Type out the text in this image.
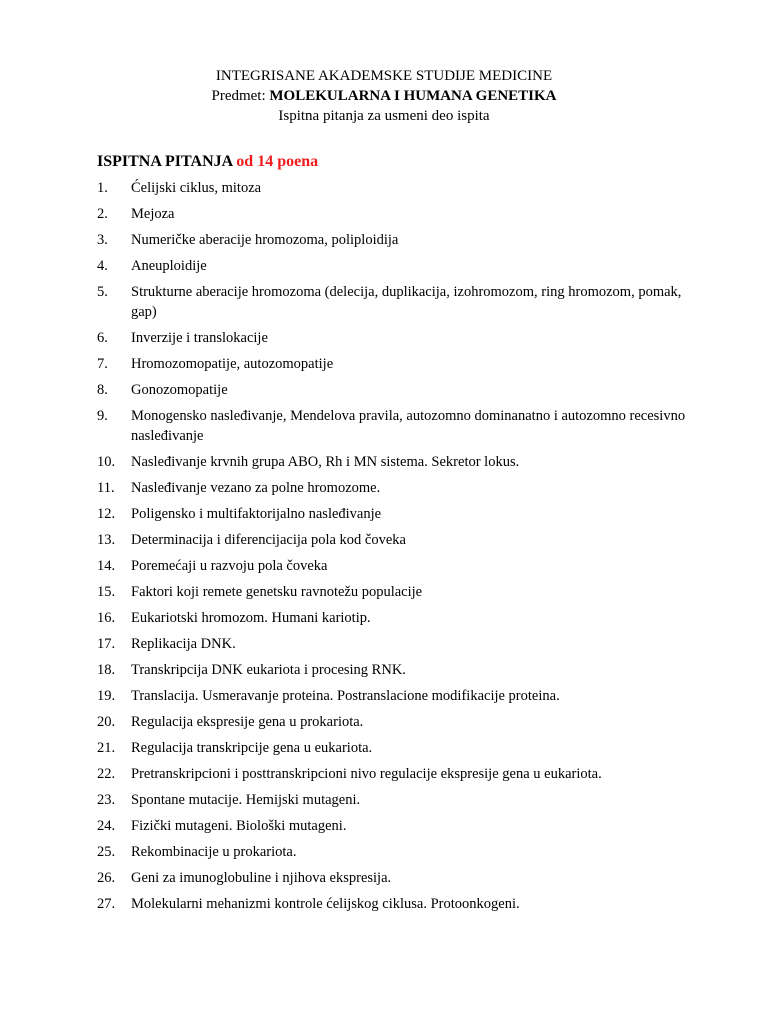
INTEGRISANE AKADEMSKE STUDIJE MEDICINE
Predmet: MOLEKULARNA I HUMANA GENETIKA
Ispitna pitanja za usmeni deo ispita
ISPITNA PITANJA od 14 poena
1.	Ćelijski ciklus, mitoza
2.	Mejoza
3.	Numeričke aberacije hromozoma, poliploidija
4.	Aneuploidije
5.	Strukturne aberacije hromozoma (delecija, duplikacija, izohromozom, ring hromozom, pomak, gap)
6.	Inverzije i translokacije
7.	Hromozomopatije, autozomopatije
8.	Gonozomopatije
9.	Monogensko nasleđivanje, Mendelova pravila, autozomno dominanatno i autozomno recesivno nasleđivanje
10.	Nasleđivanje krvnih grupa ABO, Rh i MN sistema. Sekretor lokus.
11.	Nasleđivanje vezano za polne hromozome.
12.	Poligensko i multifaktorijalno nasleđivanje
13.	Determinacija i diferencijacija pola kod čoveka
14.	Poremećaji u razvoju pola čoveka
15.	Faktori koji remete genetsku ravnotežu populacije
16.	Eukariotski hromozom. Humani kariotip.
17.	Replikacija DNK.
18.	Transkripcija DNK eukariota i procesing RNK.
19.	Translacija. Usmeravanje proteina. Postranslacione modifikacije proteina.
20.	Regulacija ekspresije gena u prokariota.
21.	Regulacija transkripcije gena u eukariota.
22.	Pretranskripcioni i posttranskripcioni nivo regulacije ekspresije gena u eukariota.
23.	Spontane mutacije. Hemijski mutageni.
24.	Fizički mutageni. Biološki mutageni.
25.	Rekombinacije u prokariota.
26.	Geni za imunoglobuline i njihova ekspresija.
27.	Molekularni mehanizmi kontrole ćelijskog ciklusa. Protoonkogeni.
